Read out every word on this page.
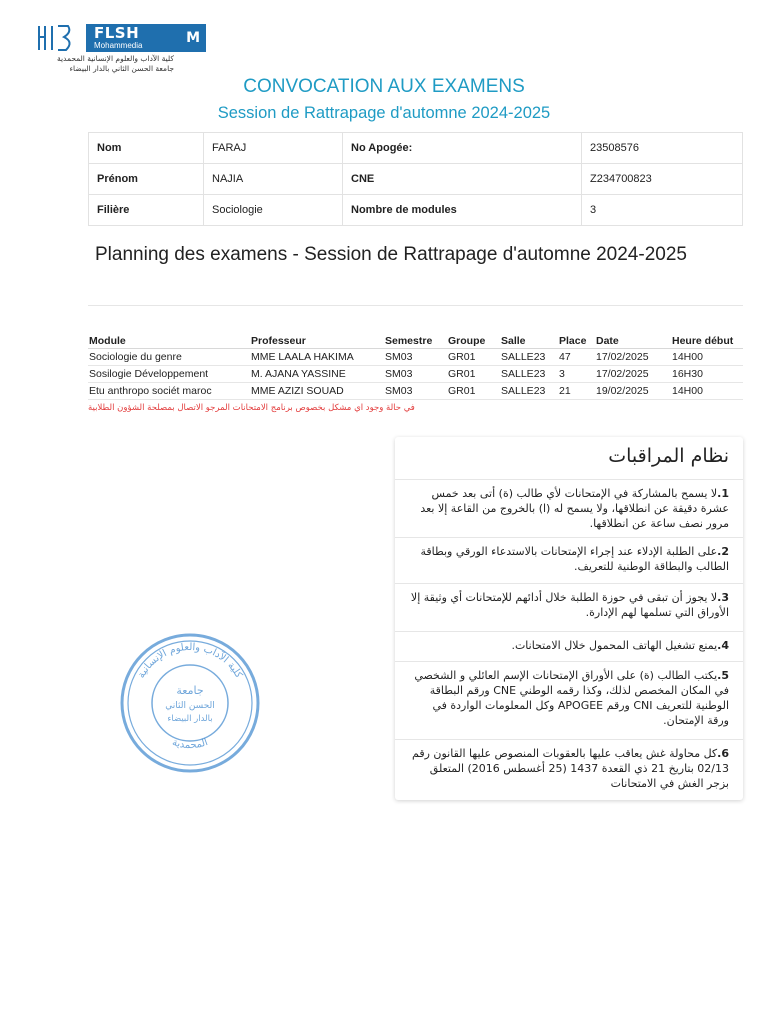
FLSH	M
Mohammedia
كلية الآداب والعلوم الإنسانية المحمدية
جامعة الحسن الثاني بالدار البيضاء
CONVOCATION AUX EXAMENS
Session de Rattrapage d'automne 2024-2025
Nom	FARAJ	No Apogée:	23508576
Prénom	NAJIA	CNE	Z234700823
Filière	Sociologie	Nombre de modules	3
Planning des examens - Session de Rattrapage d'automne 2024-2025
Module	Professeur	Semestre	Groupe	Salle	Place	Date	Heure début
Sociologie du genre	MME LAALA HAKIMA	SM03	GR01	SALLE23	47	17/02/2025	14H00
Sosilogie Développement	M. AJANA YASSINE	SM03	GR01	SALLE23	3	17/02/2025	16H30
Etu anthropo sociét maroc	MME AZIZI SOUAD	SM03	GR01	SALLE23	21	19/02/2025	14H00
في حالة وجود اي مشكل بخصوص برنامج الامتحانات المرجو الاتصال بمصلحة الشؤون الطلابية
كلية الآداب والعلوم الإنسانية
المحمدية
جامعة
الحسن الثاني
بالدار البيضاء
نظام المراقبات
1.لا يسمح بالمشاركة في الإمتحانات لأي طالب (ة) أتى بعد خمس عشرة دقيقة عن انطلاقها، ولا يسمح له (ا) بالخروج من القاعة إلا بعد مرور نصف ساعة عن انطلاقها.
2.على الطلبة الإدلاء عند إجراء الإمتحانات بالاستدعاء الورقي وبطاقة الطالب والبطاقة الوطنية للتعريف.
3.لا يجوز أن تبقى في حوزة الطلبة خلال أدائهم للإمتحانات أي وثيقة إلا الأوراق التي تسلمها لهم الإدارة.
4.يمنع تشغيل الهاتف المحمول خلال الامتحانات.
5.يكتب الطالب (ة) على الأوراق الإمتحانات الإسم العائلي و الشخصي في المكان المخصص لذلك، وكذا رقمه الوطني CNE ورقم البطاقة الوطنية للتعريف CNI ورقم APOGEE وكل المعلومات الواردة في ورقة الإمتحان.
6.كل محاولة غش يعاقب عليها بالعقوبات المنصوص عليها القانون رقم 02/13 بتاريخ 21 ذي القعدة 1437 (25 أغسطس 2016) المتعلق بزجر الغش في الامتحانات
